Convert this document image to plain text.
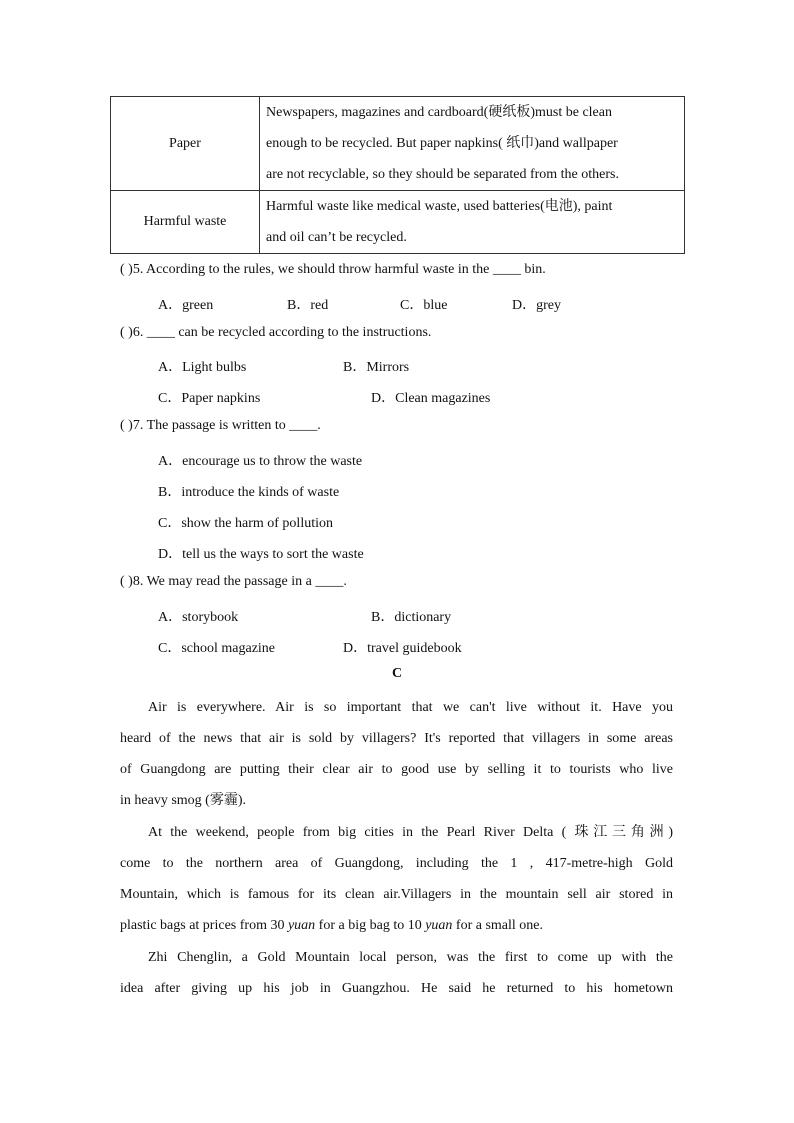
Paper	Newspapers, magazines and cardboard(硬纸板)must be clean
enough to be recycled. But paper napkins( 纸巾)and wallpaper
are not recyclable, so they should be separated from the others.

Harmful waste	Harmful waste like medical waste, used batteries(电池), paint
and oil can’t be recycled.
( )5. According to the rules, we should throw harmful waste in the ____ bin.
A．green	B．red	C．blue	D．grey
( )6. ____ can be recycled according to the instructions.
A．Light bulbs	B．Mirrors
C．Paper napkins	D．Clean magazines
( )7. The passage is written to ____.
A．encourage us to throw the waste
B．introduce the kinds of waste
C．show the harm of pollution
D．tell us the ways to sort the waste
( )8. We may read the passage in a ____.
A．storybook	B．dictionary
C．school magazine	D．travel guidebook
C
Air is everywhere. Air is so important that we can't live without it. Have you
heard of the news that air is sold by villagers? It's reported that villagers in some areas
of Guangdong are putting their clear air to good use by selling it to tourists who live
in heavy smog (雾霾).
At the weekend, people from big cities in the Pearl River Delta ( 珠江三角洲)
come to the northern area of Guangdong, including the 1 , 417-metre-high Gold
Mountain, which is famous for its clean air.Villagers in the mountain sell air stored in
plastic bags at prices from 30 yuan for a big bag to 10 yuan for a small one.
Zhi Chenglin, a Gold Mountain local person, was the first to come up with the
idea after giving up his job in Guangzhou. He said he returned to his hometown
